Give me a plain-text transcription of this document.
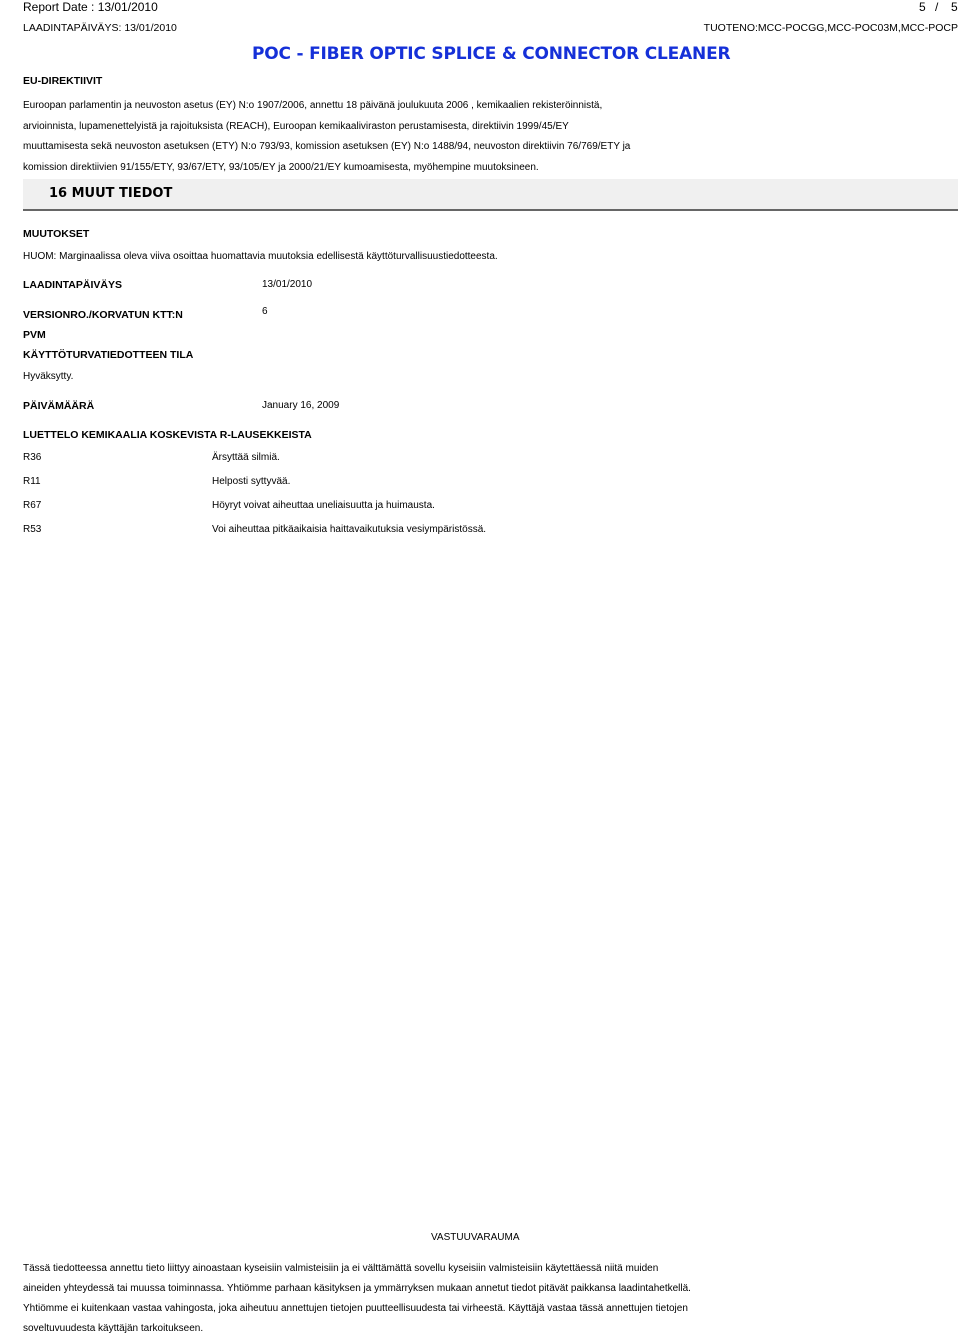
Report Date : 13/01/2010	5 / 5
LAADINTAPÄIVÄYS: 13/01/2010	TUOTENO:MCC-POCGG,MCC-POC03M,MCC-POCP
POC - FIBER OPTIC SPLICE & CONNECTOR CLEANER
EU-DIREKTIIVIT
Euroopan parlamentin ja neuvoston asetus (EY) N:o 1907/2006, annettu 18 päivänä joulukuuta 2006 , kemikaalien rekisteröinnistä,
arvioinnista, lupamenettelyistä ja rajoituksista (REACH), Euroopan kemikaaliviraston perustamisesta, direktiivin 1999/45/EY
muuttamisesta sekä neuvoston asetuksen (ETY) N:o 793/93, komission asetuksen (EY) N:o 1488/94, neuvoston direktiivin 76/769/ETY ja
komission direktiivien 91/155/ETY, 93/67/ETY, 93/105/EY ja 2000/21/EY kumoamisesta, myöhempine muutoksineen.
16 MUUT TIEDOT
MUUTOKSET
HUOM: Marginaalissa oleva viiva osoittaa huomattavia muutoksia edellisestä käyttöturvallisuustiedotteesta.
LAADINTAPÄIVÄYS	13/01/2010
VERSIONRO./KORVATUN KTT:N	6
PVM
KÄYTTÖTURVATIEDOTTEEN TILA
Hyväksytty.
PÄIVÄMÄÄRÄ	January 16, 2009
LUETTELO KEMIKAALIA KOSKEVISTA R-LAUSEKKEISTA
R36	Ärsyttää silmiä.
R11	Helposti syttyvää.
R67	Höyryt voivat aiheuttaa uneliaisuutta ja huimausta.
R53	Voi aiheuttaa pitkäaikaisia haittavaikutuksia vesiympäristössä.
VASTUUVARAUMA
Tässä tiedotteessa annettu tieto liittyy ainoastaan kyseisiin valmisteisiin ja ei välttämättä sovellu kyseisiin valmisteisiin käytettäessä niitä muiden
aineiden yhteydessä tai muussa toiminnassa. Yhtiömme parhaan käsityksen ja ymmärryksen mukaan annetut tiedot pitävät paikkansa laadintahetkellä.
Yhtiömme ei kuitenkaan vastaa vahingosta, joka aiheutuu annettujen tietojen puutteellisuudesta tai virheestä. Käyttäjä vastaa tässä annettujen tietojen
soveltuvuudesta käyttäjän tarkoitukseen.
